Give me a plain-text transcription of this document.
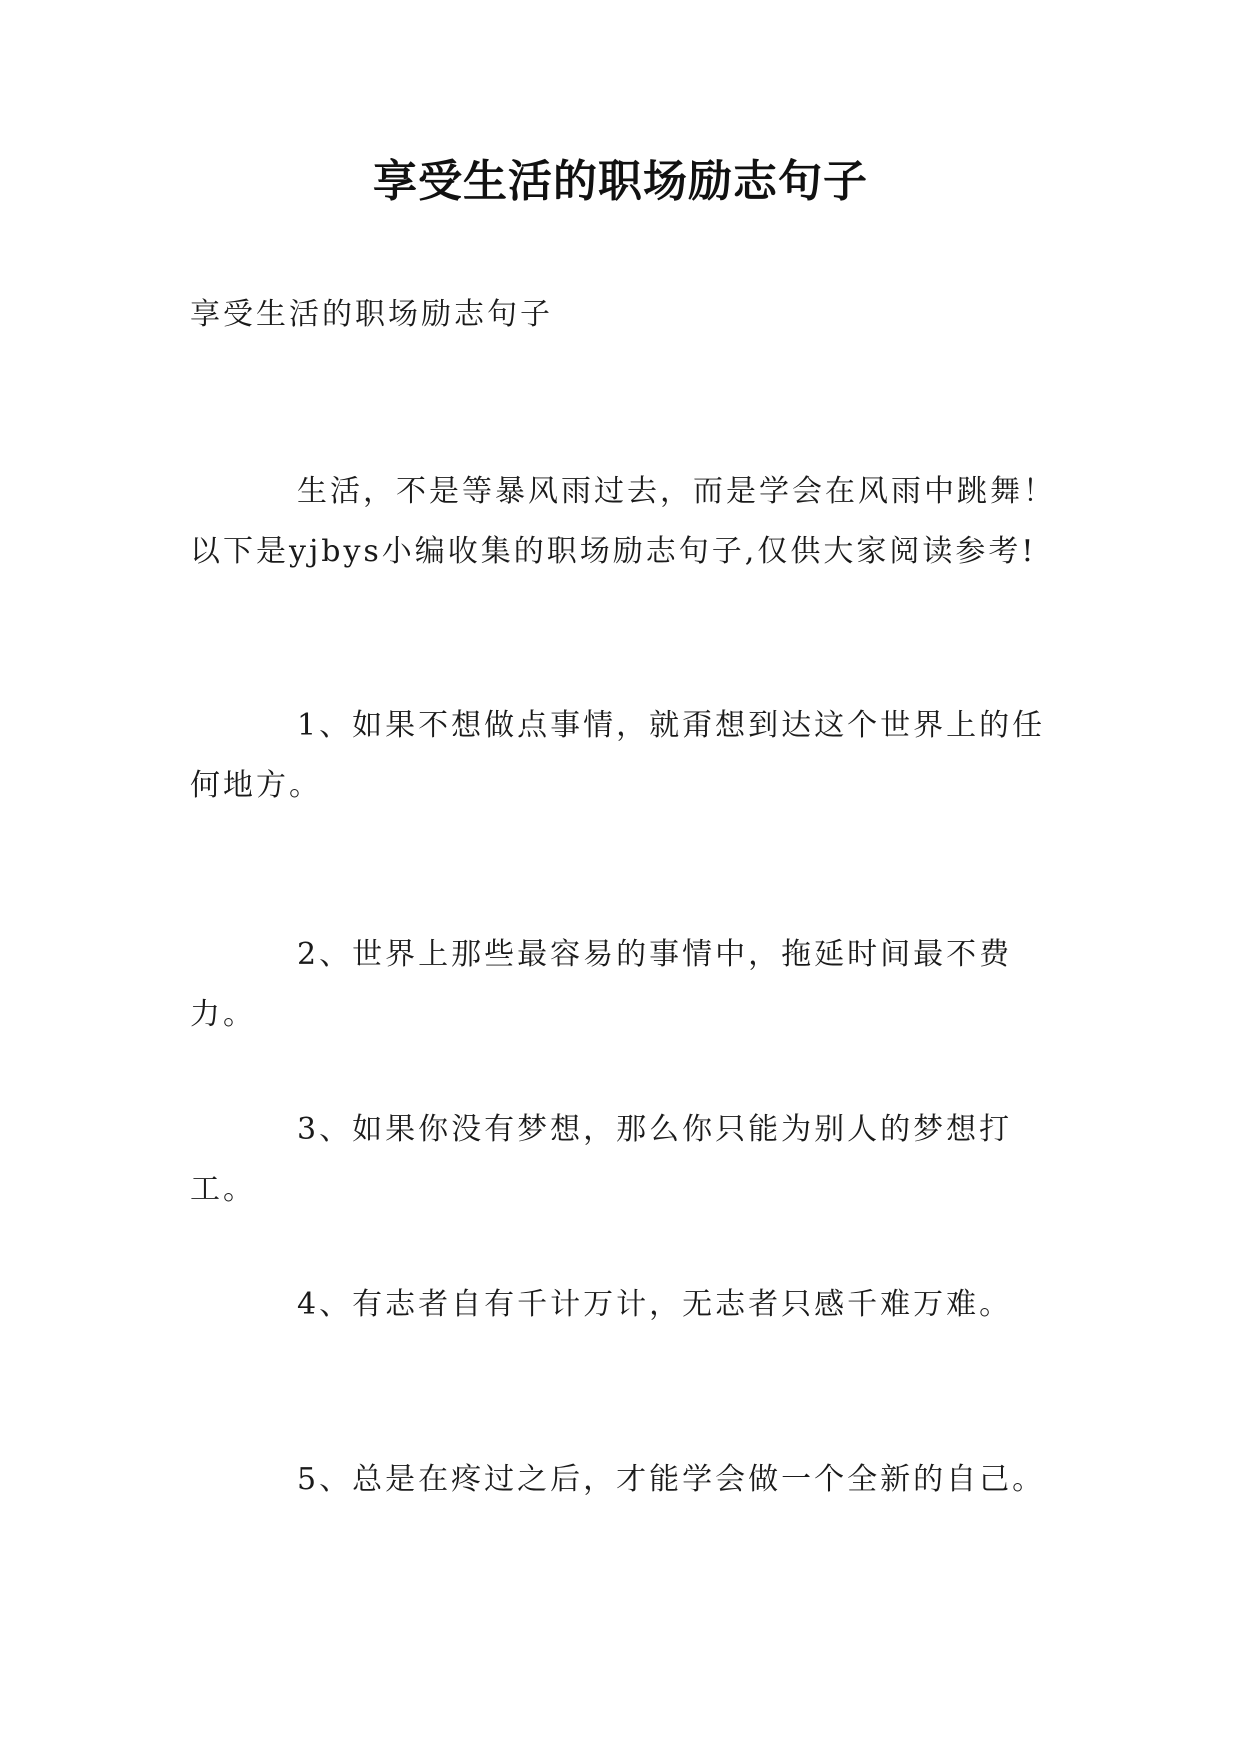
享受生活的职场励志句子
享受生活的职场励志句子

生活，不是等暴风雨过去，而是学会在风雨中跳舞！以下是yjbys小编收集的职场励志句子,仅供大家阅读参考!

1、如果不想做点事情，就甭想到达这个世界上的任何地方。

2、世界上那些最容易的事情中，拖延时间最不费力。

3、如果你没有梦想，那么你只能为别人的梦想打工。

4、有志者自有千计万计，无志者只感千难万难。

5、总是在疼过之后，才能学会做一个全新的自己。
